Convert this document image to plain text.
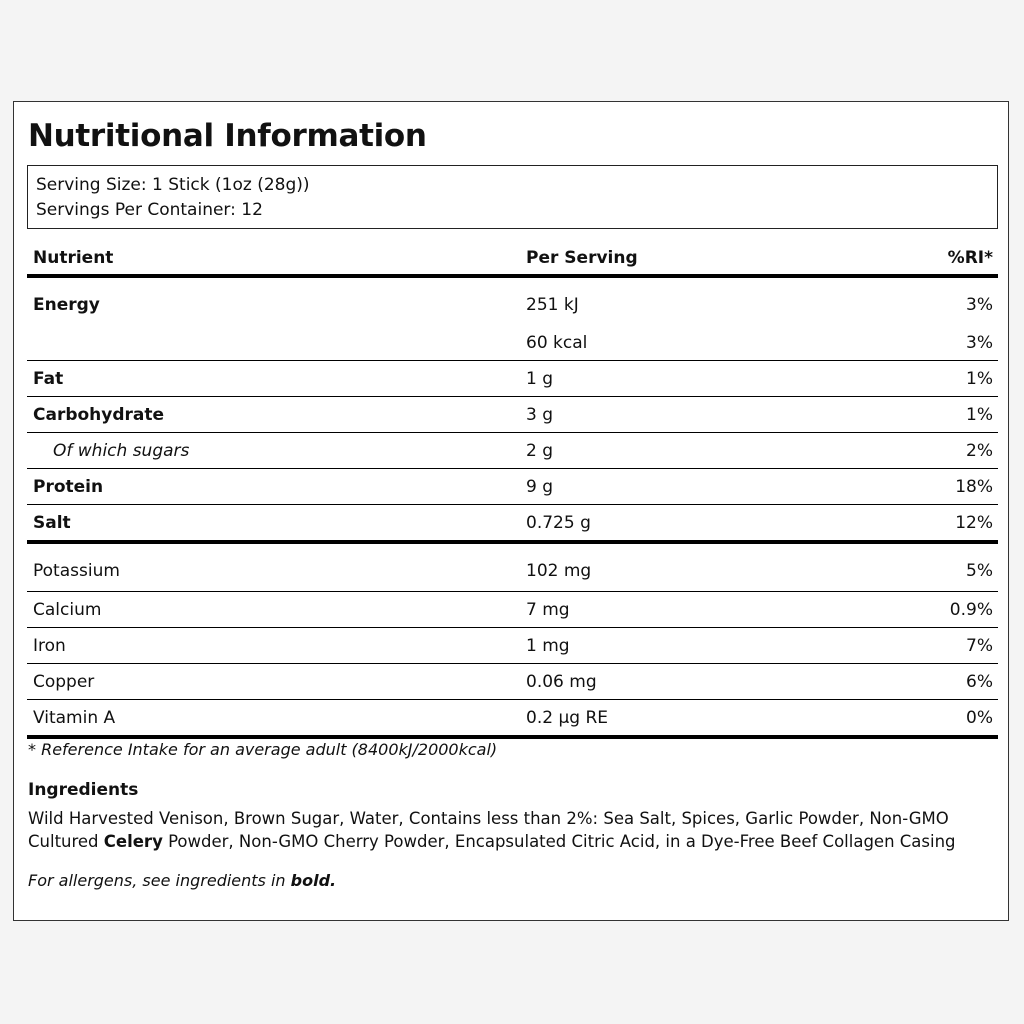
Nutritional Information
Serving Size: 1 Stick (1oz (28g))
Servings Per Container: 12
Nutrient	Per Serving	%RI*
Energy	251 kJ	3%
	60 kcal	3%
Fat	1 g	1%
Carbohydrate	3 g	1%
Of which sugars	2 g	2%
Protein	9 g	18%
Salt	0.725 g	12%
Potassium	102 mg	5%
Calcium	7 mg	0.9%
Iron	1 mg	7%
Copper	0.06 mg	6%
Vitamin A	0.2 µg RE	0%
* Reference Intake for an average adult (8400kJ/2000kcal)
Ingredients
Wild Harvested Venison, Brown Sugar, Water, Contains less than 2%: Sea Salt, Spices, Garlic Powder, Non-GMO Cultured Celery Powder, Non-GMO Cherry Powder, Encapsulated Citric Acid, in a Dye-Free Beef Collagen Casing
For allergens, see ingredients in bold.
